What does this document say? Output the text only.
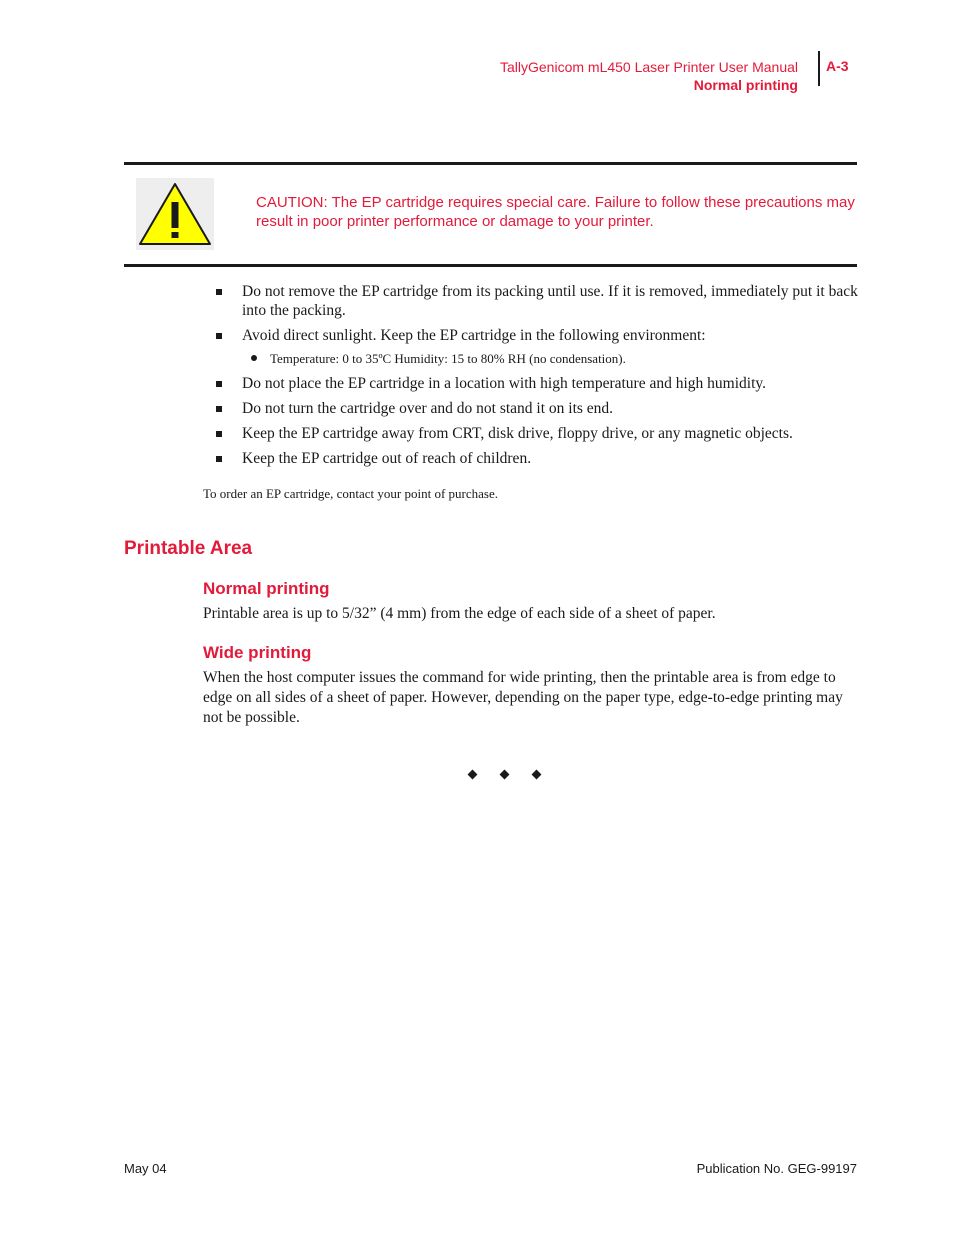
TallyGenicom mL450 Laser Printer User Manual
Normal printing
A-3
CAUTION: The EP cartridge requires special care. Failure to follow these precautions may result in poor printer performance or damage to your printer.
Do not remove the EP cartridge from its packing until use. If it is removed, immediately put it back into the packing.
Avoid direct sunlight. Keep the EP cartridge in the following environment:
Temperature: 0 to 35ºC Humidity: 15 to 80% RH (no condensation).
Do not place the EP cartridge in a location with high temperature and high humidity.
Do not turn the cartridge over and do not stand it on its end.
Keep the EP cartridge away from CRT, disk drive, floppy drive, or any magnetic objects.
Keep the EP cartridge out of reach of children.
To order an EP cartridge, contact your point of purchase.
Printable Area
Normal printing
Printable area is up to 5/32” (4 mm) from the edge of each side of a sheet of paper.
Wide printing
When the host computer issues the command for wide printing, then the printable area is from edge to edge on all sides of a sheet of paper. However, depending on the paper type, edge-to-edge printing may not be possible.
May 04	Publication No. GEG-99197
